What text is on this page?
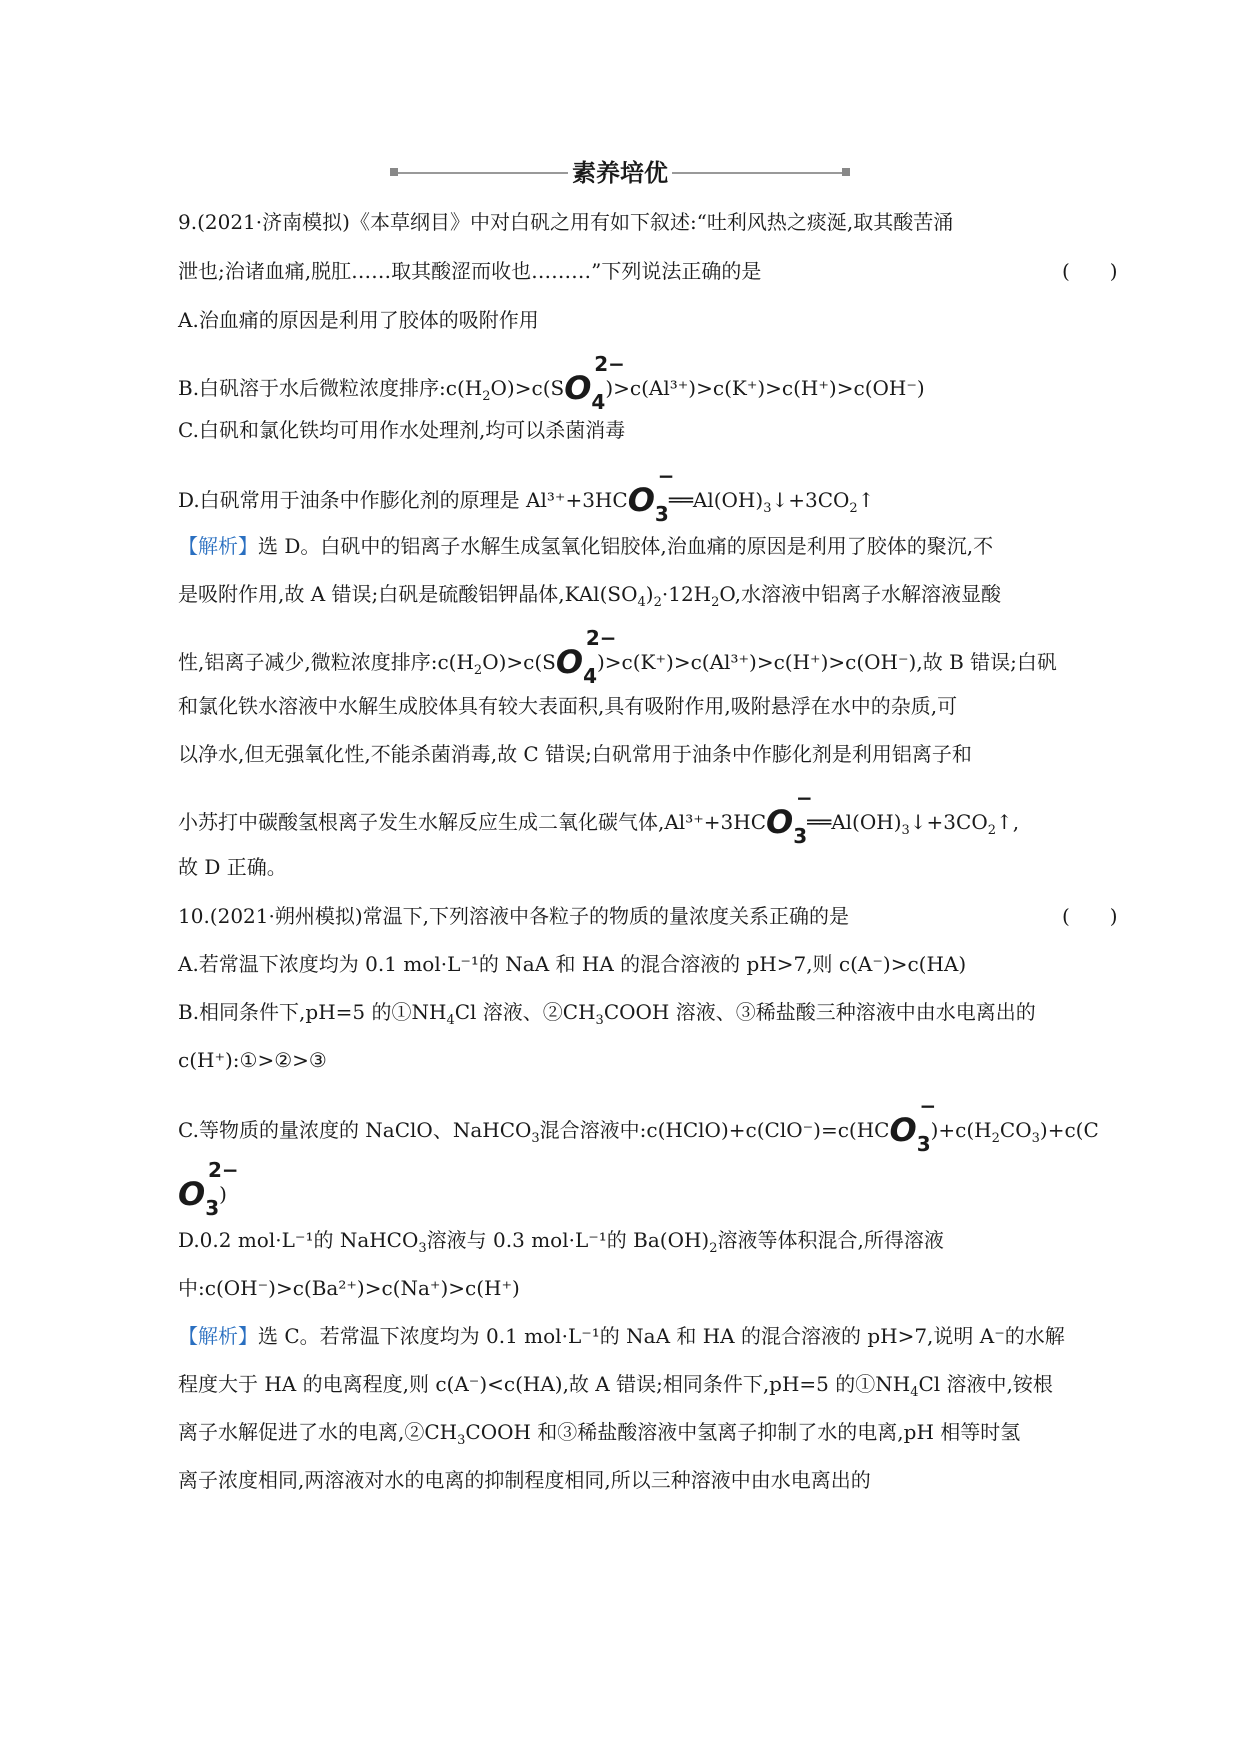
素养培优
9.(2021·济南模拟)《本草纲目》中对白矾之用有如下叙述:“吐利风热之痰涎,取其酸苦涌
泄也;治诸血痛,脱肛……取其酸涩而收也………”下列说法正确的是	(　　)
A.治血痛的原因是利用了胶体的吸附作用
B.白矾溶于水后微粒浓度排序$:c(H_2O)>c(SO$
2−
4)>c(Al³⁺)>c(K⁺)>c(H⁺)>c(OH⁻)
C.白矾和氯化铁均可用作水处理剂,均可以杀菌消毒
D.白矾常用于油条中作膨化剂的原理是 Al³⁺+3HCO
−
$3══Al(OH)_3↓+3CO_2↑$
【解析】选 D。白矾中的铝离子水解生成氢氧化铝胶体,治血痛的原因是利用了胶体的聚沉,不
是吸附作用,故 A 错误;白矾是硫酸铝钾晶体$,KAl(SO_4)_2\cdot 12H_2O$,水溶液中铝离子水解溶液显酸
性,铝离子减少,微粒浓度排序$:c(H_2O)>c(SO$
2−
4)>c(K⁺)>c(Al³⁺)>c(H⁺)>c(OH⁻),故 B 错误;白矾
和氯化铁水溶液中水解生成胶体具有较大表面积,具有吸附作用,吸附悬浮在水中的杂质,可
以净水,但无强氧化性,不能杀菌消毒,故 C 错误;白矾常用于油条中作膨化剂是利用铝离子和
小苏打中碳酸氢根离子发生水解反应生成二氧化碳气体,Al³⁺+3HCO
−
$3══Al(OH)_3↓+3CO_2↑$,
故 D 正确。
10.(2021·朔州模拟)常温下,下列溶液中各粒子的物质的量浓度关系正确的是	(　　)
A.若常温下浓度均为 0.1 mol·L⁻¹的 NaA 和 HA 的混合溶液的 pH>7,则 c(A⁻)>c(HA)
B.相同条件下,pH=5 的$①NH_4Cl$ 溶液、$②CH_3COOH$ 溶液、③稀盐酸三种溶液中由水电离出的
c(H⁺):①>②>③
C.等物质的量浓度的 NaClO、NaHCO$_3$混合溶液中:c(HClO)+c(ClO⁻)=c(HCO
−
$3)+c(H_2CO_3)+c(C$
O
2−
3)
D.0.2 mol·L⁻¹的 NaHCO$_3$溶液与 0.3 mol·L⁻¹的 $Ba(OH)_2$溶液等体积混合,所得溶液
中:c(OH⁻)>c(Ba²⁺)>c(Na⁺)>c(H⁺)
【解析】选 C。若常温下浓度均为 0.1 mol·L⁻¹的 NaA 和 HA 的混合溶液的 pH>7,说明 A⁻的水解
程度大于 HA 的电离程度,则 c(A⁻)<c(HA),故 A 错误;相同条件下,pH=5 的$①NH_4Cl$ 溶液中,铵根
离子水解促进了水的电离$,②CH_3COOH$ 和③稀盐酸溶液中氢离子抑制了水的电离,pH 相等时氢
离子浓度相同,两溶液对水的电离的抑制程度相同,所以三种溶液中由水电离出的
